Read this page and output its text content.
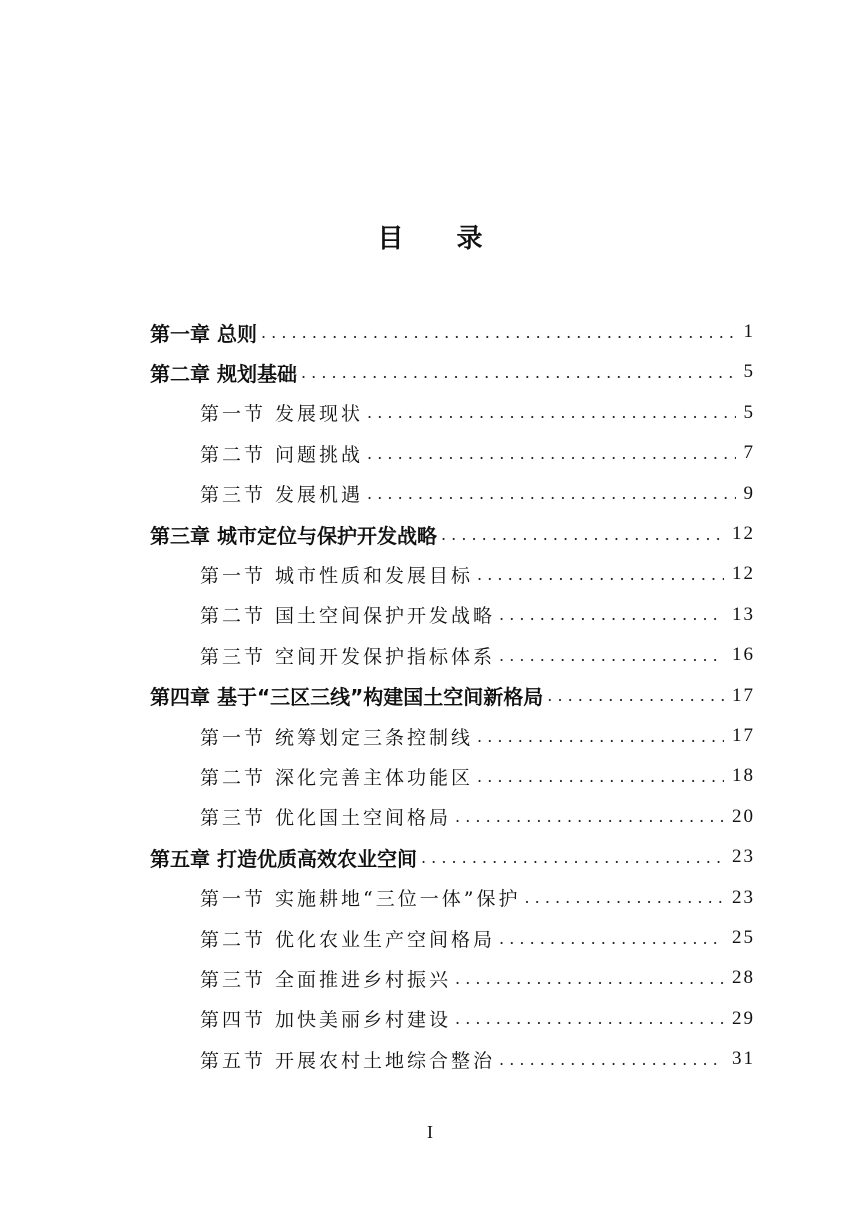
目 录
第一章 总则 . . .	1
第二章 规划基础 . . .	5
第一节 发展现状 . . .	5
第二节 问题挑战 . . .	7
第三节 发展机遇 . . .	9
第三章 城市定位与保护开发战略 . . .	12
第一节 城市性质和发展目标 . . .	12
第二节 国土空间保护开发战略 . . .	13
第三节 空间开发保护指标体系 . . .	16
第四章 基于“三区三线”构建国土空间新格局 . . .	17
第一节 统筹划定三条控制线 . . .	17
第二节 深化完善主体功能区 . . .	18
第三节 优化国土空间格局 . . .	20
第五章 打造优质高效农业空间 . . .	23
第一节 实施耕地“三位一体”保护 . . .	23
第二节 优化农业生产空间格局 . . .	25
第三节 全面推进乡村振兴 . . .	28
第四节 加快美丽乡村建设 . . .	29
第五节 开展农村土地综合整治 . . .	31
I
